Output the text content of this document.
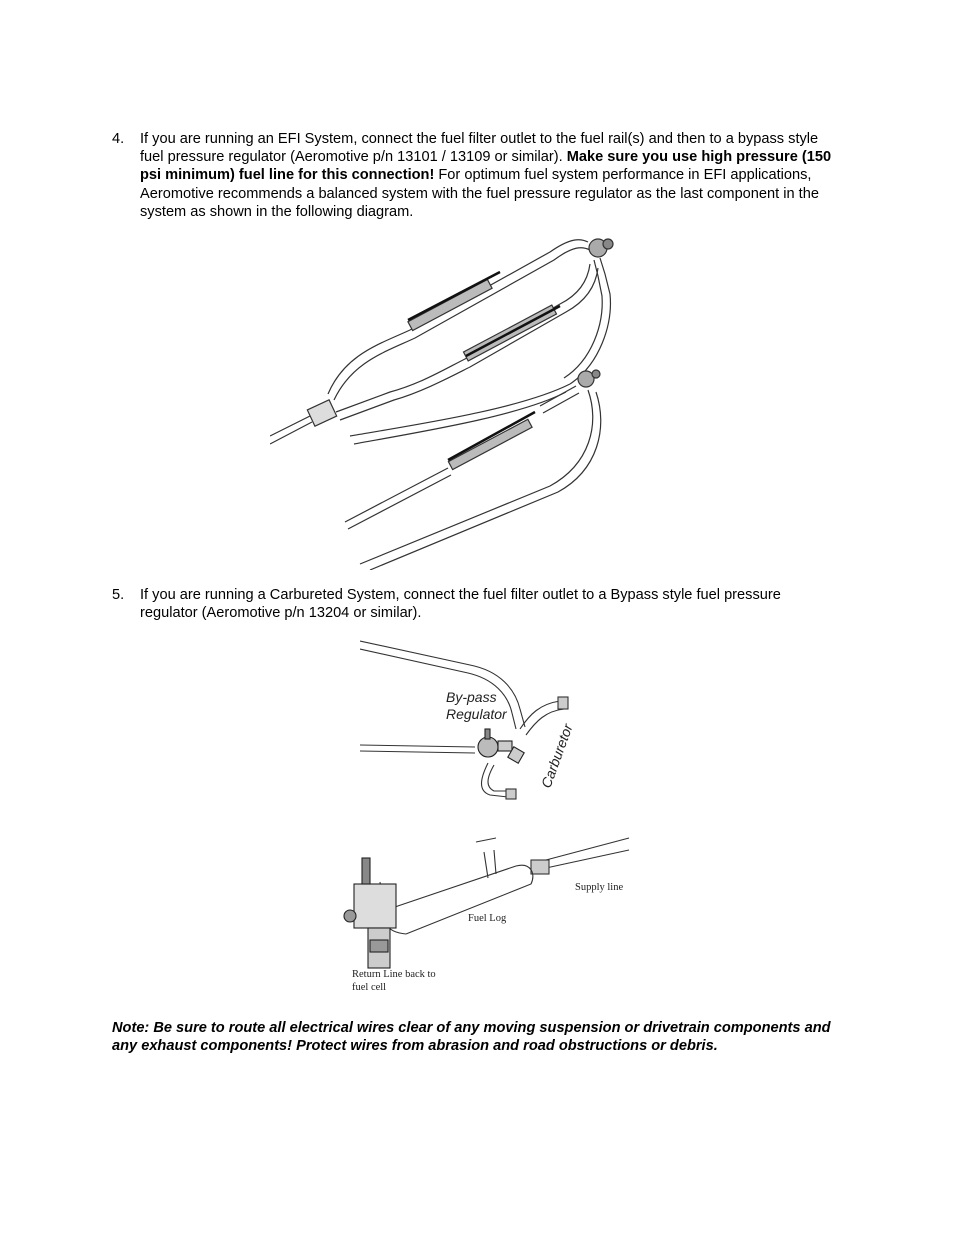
4. If you are running an EFI System, connect the fuel filter outlet to the fuel rail(s) and then to a bypass style fuel pressure regulator (Aeromotive p/n 13101 / 13109 or similar). Make sure you use high pressure (150 psi minimum) fuel line for this connection! For optimum fuel system performance in EFI applications, Aeromotive recommends a balanced system with the fuel pressure regulator as the last component in the system as shown in the following diagram.
5. If you are running a Carbureted System, connect the fuel filter outlet to a Bypass style fuel pressure regulator (Aeromotive p/n 13204 or similar).
By-pass
Regulator
Carburetor
Supply line
Fuel Log
Return Line back to
fuel cell
Note: Be sure to route all electrical wires clear of any moving suspension or drivetrain components and any exhaust components! Protect wires from abrasion and road obstructions or debris.
